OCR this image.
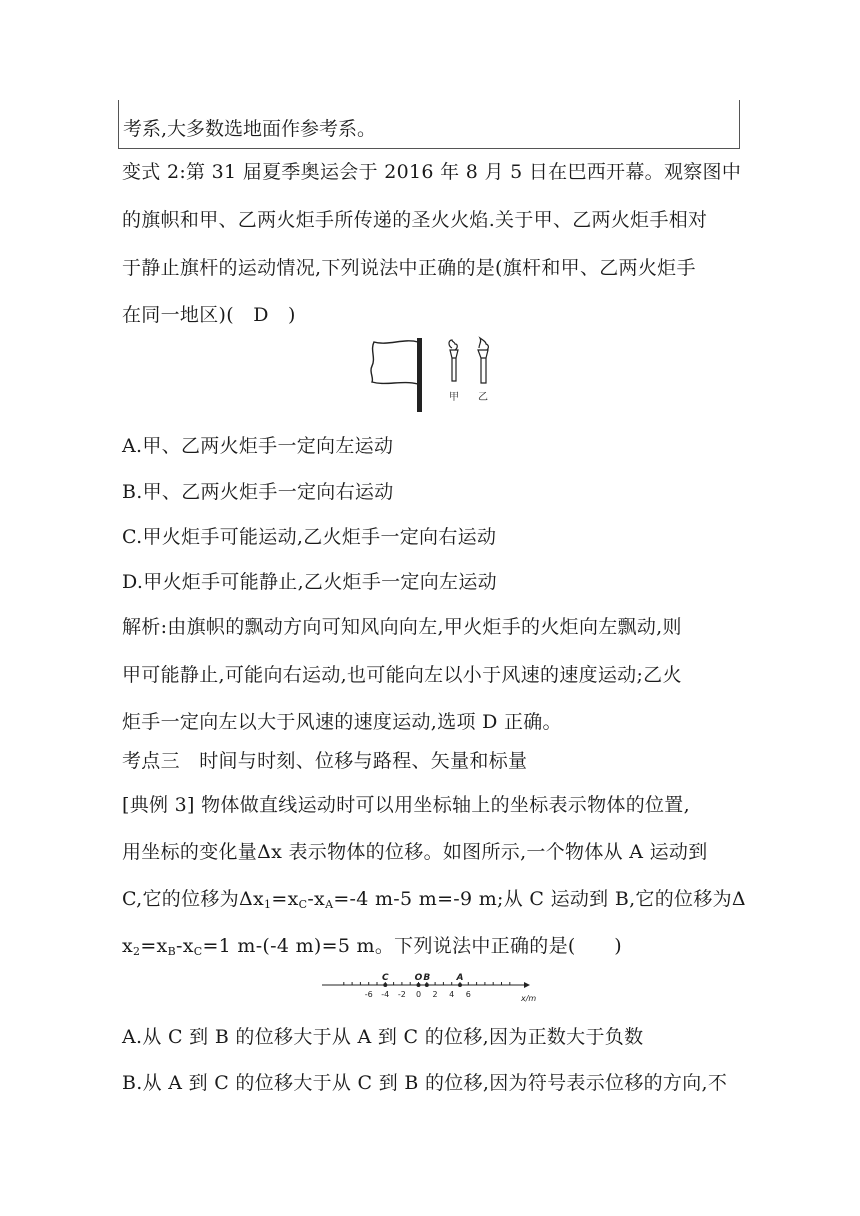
考系,大多数选地面作参考系。
变式 2:第 31 届夏季奥运会于 2016 年 8 月 5 日在巴西开幕。观察图中
的旗帜和甲、乙两火炬手所传递的圣火火焰.关于甲、乙两火炬手相对
于静止旗杆的运动情况,下列说法中正确的是(旗杆和甲、乙两火炬手
在同一地区)(　D　)
甲 乙
A.甲、乙两火炬手一定向左运动
B.甲、乙两火炬手一定向右运动
C.甲火炬手可能运动,乙火炬手一定向右运动
D.甲火炬手可能静止,乙火炬手一定向左运动
解析:由旗帜的飘动方向可知风向向左,甲火炬手的火炬向左飘动,则
甲可能静止,可能向右运动,也可能向左以小于风速的速度运动;乙火
炬手一定向左以大于风速的速度运动,选项 D 正确。
考点三　时间与时刻、位移与路程、矢量和标量
[典例 3] 物体做直线运动时可以用坐标轴上的坐标表示物体的位置,
用坐标的变化量Δx 表示物体的位移。如图所示,一个物体从 A 运动到
C,它的位移为$\Delta x_1=x_C-x_A=-4$ m-5 m=-9 m;从 C 运动到 B,它的位移为Δ
$x_2=x_B-x_C=1$ m-(-4 m)=5 m。下列说法中正确的是(　　)
x/m
-6 -4 -2 0 2 4 6
C	O B	A
A.从 C 到 B 的位移大于从 A 到 C 的位移,因为正数大于负数
B.从 A 到 C 的位移大于从 C 到 B 的位移,因为符号表示位移的方向,不
